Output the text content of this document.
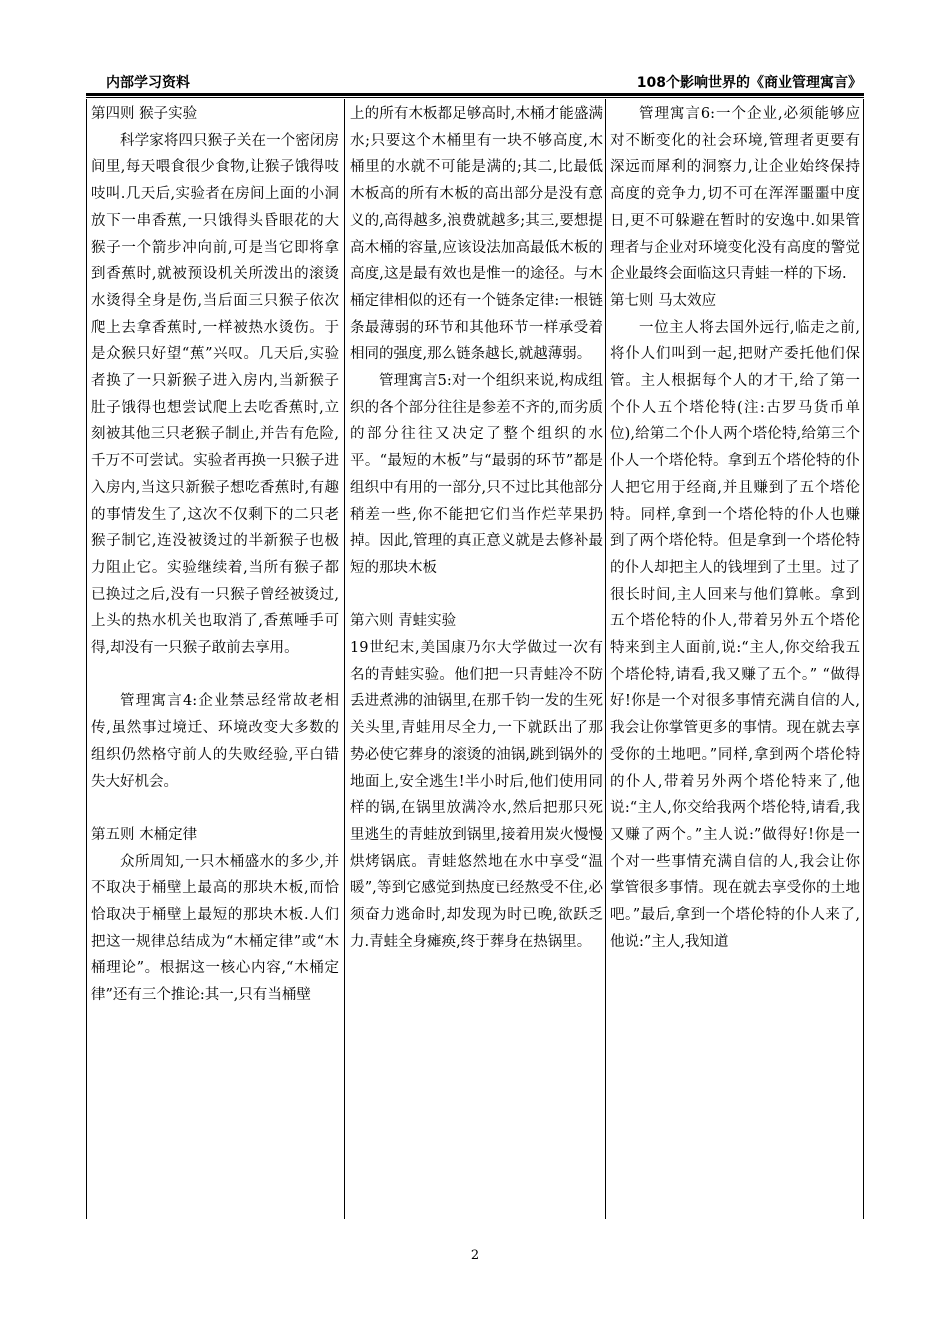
内部学习资料	108个影响世界的《商业管理寓言》

第四则 猴子实验

科学家将四只猴子关在一个密闭房间里,每天喂食很少食物,让猴子饿得吱吱叫.几天后,实验者在房间上面的小洞放下一串香蕉,一只饿得头昏眼花的大猴子一个箭步冲向前,可是当它即将拿到香蕉时,就被预设机关所泼出的滚烫水烫得全身是伤,当后面三只猴子依次爬上去拿香蕉时,一样被热水烫伤。于是众猴只好望“蕉”兴叹。几天后,实验者换了一只新猴子进入房内,当新猴子肚子饿得也想尝试爬上去吃香蕉时,立刻被其他三只老猴子制止,并告有危险,千万不可尝试。实验者再换一只猴子进入房内,当这只新猴子想吃香蕉时,有趣的事情发生了,这次不仅剩下的二只老猴子制它,连没被烫过的半新猴子也极力阻止它。实验继续着,当所有猴子都已换过之后,没有一只猴子曾经被烫过,上头的热水机关也取消了,香蕉唾手可得,却没有一只猴子敢前去享用。

管理寓言4:企业禁忌经常故老相传,虽然事过境迁、环境改变大多数的组织仍然格守前人的失败经验,平白错失大好机会。

第五则 木桶定律

众所周知,一只木桶盛水的多少,并不取决于桶壁上最高的那块木板,而恰恰取决于桶壁上最短的那块木板.人们把这一规律总结成为“木桶定律”或“木桶理论”。根据这一核心内容,“木桶定律”还有三个推论:其一,只有当桶壁

上的所有木板都足够高时,木桶才能盛满水;只要这个木桶里有一块不够高度,木桶里的水就不可能是满的;其二,比最低木板高的所有木板的高出部分是没有意义的,高得越多,浪费就越多;其三,要想提高木桶的容量,应该设法加高最低木板的高度,这是最有效也是惟一的途径。与木桶定律相似的还有一个链条定律:一根链条最薄弱的环节和其他环节一样承受着相同的强度,那么链条越长,就越薄弱。

管理寓言5:对一个组织来说,构成组织的各个部分往往是参差不齐的,而劣质的部分往往又决定了整个组织的水平。“最短的木板”与“最弱的环节”都是组织中有用的一部分,只不过比其他部分稍差一些,你不能把它们当作烂苹果扔掉。因此,管理的真正意义就是去修补最短的那块木板

第六则 青蛙实验

19世纪末,美国康乃尔大学做过一次有名的青蛙实验。他们把一只青蛙冷不防丢进煮沸的油锅里,在那千钧一发的生死关头里,青蛙用尽全力,一下就跃出了那势必使它葬身的滚烫的油锅,跳到锅外的地面上,安全逃生!半小时后,他们使用同样的锅,在锅里放满冷水,然后把那只死里逃生的青蛙放到锅里,接着用炭火慢慢烘烤锅底。青蛙悠然地在水中享受“温暖”,等到它感觉到热度已经熬受不住,必须奋力逃命时,却发现为时已晚,欲跃乏力.青蛙全身瘫痪,终于葬身在热锅里。

管理寓言6:一个企业,必须能够应对不断变化的社会环境,管理者更要有深远而犀利的洞察力,让企业始终保持高度的竞争力,切不可在浑浑噩噩中度日,更不可躲避在暂时的安逸中.如果管理者与企业对环境变化没有高度的警觉企业最终会面临这只青蛙一样的下场.

第七则 马太效应

一位主人将去国外远行,临走之前,将仆人们叫到一起,把财产委托他们保管。主人根据每个人的才干,给了第一个仆人五个塔伦特(注:古罗马货币单位),给第二个仆人两个塔伦特,给第三个仆人一个塔伦特。拿到五个塔伦特的仆人把它用于经商,并且赚到了五个塔伦特。同样,拿到一个塔伦特的仆人也赚到了两个塔伦特。但是拿到一个塔伦特的仆人却把主人的钱埋到了土里。过了很长时间,主人回来与他们算帐。拿到五个塔伦特的仆人,带着另外五个塔伦特来到主人面前,说:“主人,你交给我五个塔伦特,请看,我又赚了五个。” “做得好!你是一个对很多事情充满自信的人,我会让你掌管更多的事情。现在就去享受你的土地吧。”同样,拿到两个塔伦特的仆人,带着另外两个塔伦特来了,他说:“主人,你交给我两个塔伦特,请看,我又赚了两个。”主人说:”做得好!你是一个对一些事情充满自信的人,我会让你掌管很多事情。现在就去享受你的土地吧。”最后,拿到一个塔伦特的仆人来了,他说:”主人,我知道

2
